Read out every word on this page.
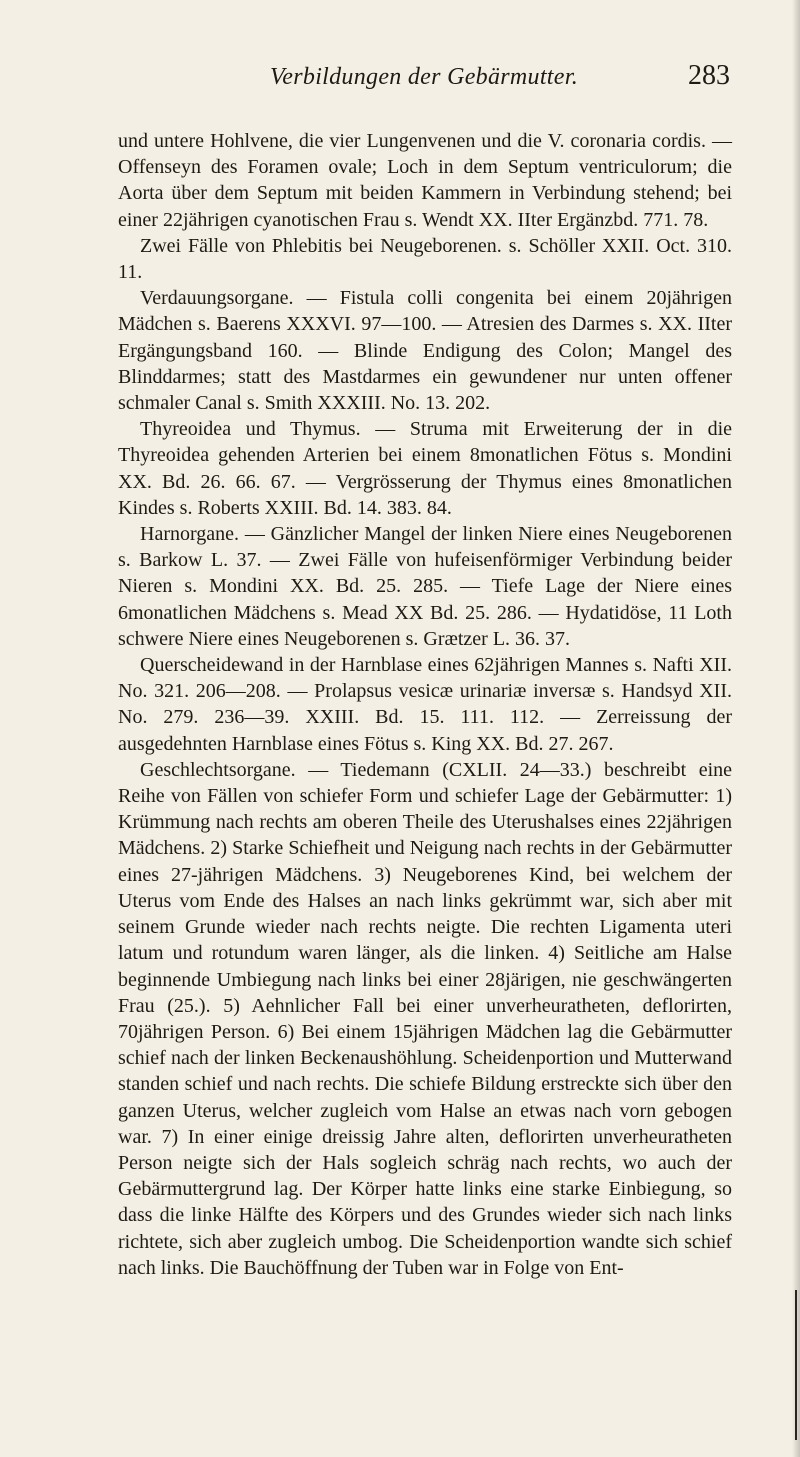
Verbildungen der Gebärmutter.	283

und untere Hohlvene, die vier Lungenvenen und die V. coronaria cordis. — Offenseyn des Foramen ovale; Loch in dem Septum ventriculorum; die Aorta über dem Septum mit beiden Kammern in Verbindung stehend; bei einer 22jährigen cyanotischen Frau s. Wendt XX. IIter Ergänzbd. 771. 78.

Zwei Fälle von Phlebitis bei Neugeborenen. s. Schöller XXII. Oct. 310. 11.

Verdauungsorgane. — Fistula colli congenita bei einem 20jährigen Mädchen s. Baerens XXXVI. 97—100. — Atresien des Darmes s. XX. IIter Ergängungsband 160. — Blinde Endigung des Colon; Mangel des Blinddarmes; statt des Mastdarmes ein gewundener nur unten offener schmaler Canal s. Smith XXXIII. No. 13. 202.

Thyreoidea und Thymus. — Struma mit Erweiterung der in die Thyreoidea gehenden Arterien bei einem 8monatlichen Fötus s. Mondini XX. Bd. 26. 66. 67. — Vergrösserung der Thymus eines 8monatlichen Kindes s. Roberts XXIII. Bd. 14. 383. 84.

Harnorgane. — Gänzlicher Mangel der linken Niere eines Neugeborenen s. Barkow L. 37. — Zwei Fälle von hufeisenförmiger Verbindung beider Nieren s. Mondini XX. Bd. 25. 285. — Tiefe Lage der Niere eines 6monatlichen Mädchens s. Mead XX Bd. 25. 286. — Hydatidöse, 11 Loth schwere Niere eines Neugeborenen s. Grætzer L. 36. 37.

Querscheidewand in der Harnblase eines 62jährigen Mannes s. Nafti XII. No. 321. 206—208. — Prolapsus vesicæ urinariæ inversæ s. Handsyd XII. No. 279. 236—39. XXIII. Bd. 15. 111. 112. — Zerreissung der ausgedehnten Harnblase eines Fötus s. King XX. Bd. 27. 267.

Geschlechtsorgane. — Tiedemann (CXLII. 24—33.) beschreibt eine Reihe von Fällen von schiefer Form und schiefer Lage der Gebärmutter: 1) Krümmung nach rechts am oberen Theile des Uterushalses eines 22jährigen Mädchens. 2) Starke Schiefheit und Neigung nach rechts in der Gebärmutter eines 27-jährigen Mädchens. 3) Neugeborenes Kind, bei welchem der Uterus vom Ende des Halses an nach links gekrümmt war, sich aber mit seinem Grunde wieder nach rechts neigte. Die rechten Ligamenta uteri latum und rotundum waren länger, als die linken. 4) Seitliche am Halse beginnende Umbiegung nach links bei einer 28järigen, nie geschwängerten Frau (25.). 5) Aehnlicher Fall bei einer unverheuratheten, deflorirten, 70jährigen Person. 6) Bei einem 15jährigen Mädchen lag die Gebärmutter schief nach der linken Beckenaushöhlung. Scheidenportion und Mutterwand standen schief und nach rechts. Die schiefe Bildung erstreckte sich über den ganzen Uterus, welcher zugleich vom Halse an etwas nach vorn gebogen war. 7) In einer einige dreissig Jahre alten, deflorirten unverheuratheten Person neigte sich der Hals sogleich schräg nach rechts, wo auch der Gebärmuttergrund lag. Der Körper hatte links eine starke Einbiegung, so dass die linke Hälfte des Körpers und des Grundes wieder sich nach links richtete, sich aber zugleich umbog. Die Scheidenportion wandte sich schief nach links. Die Bauchöffnung der Tuben war in Folge von Ent-
